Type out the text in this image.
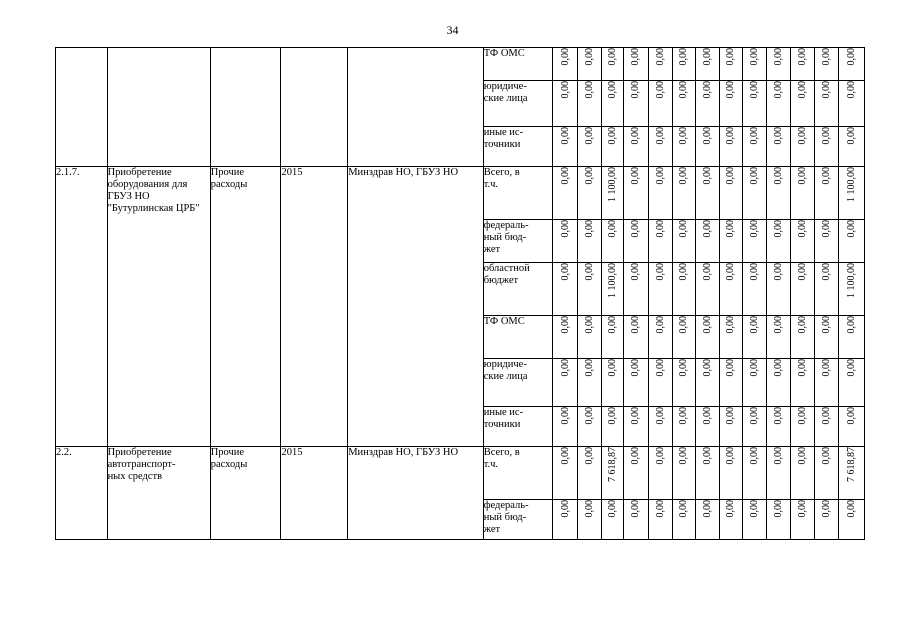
34

					ТФ ОМС	0,00	0,00	0,00	0,00	0,00	0,00	0,00	0,00	0,00	0,00	0,00	0,00	0,00

					юридиче-
ские лица	0,00	0,00	0,00	0,00	0,00	0,00	0,00	0,00	0,00	0,00	0,00	0,00	0,00

					иные ис-
точники	0,00	0,00	0,00	0,00	0,00	0,00	0,00	0,00	0,00	0,00	0,00	0,00	0,00
2.1.7.	Приобретение оборудования для ГБУЗ НО "Бутурлинская ЦРБ"	Прочие расходы	2015	Минздрав НО, ГБУЗ НО	Всего, в
т.ч.	0,00	0,00	1 100,00	0,00	0,00	0,00	0,00	0,00	0,00	0,00	0,00	0,00	1 100,00

					федераль-
ный бюд-
жет	0,00	0,00	0,00	0,00	0,00	0,00	0,00	0,00	0,00	0,00	0,00	0,00	0,00

					областной
бюджет	0,00	0,00	1 100,00	0,00	0,00	0,00	0,00	0,00	0,00	0,00	0,00	0,00	1 100,00

					ТФ ОМС	0,00	0,00	0,00	0,00	0,00	0,00	0,00	0,00	0,00	0,00	0,00	0,00	0,00

					юридиче-
ские лица	0,00	0,00	0,00	0,00	0,00	0,00	0,00	0,00	0,00	0,00	0,00	0,00	0,00

					иные ис-
точники	0,00	0,00	0,00	0,00	0,00	0,00	0,00	0,00	0,00	0,00	0,00	0,00	0,00
2.2.	Приобретение автотранспорт-
ных средств	Прочие расходы	2015	Минздрав НО, ГБУЗ НО	Всего, в
т.ч.	0,00	0,00	7 618,87	0,00	0,00	0,00	0,00	0,00	0,00	0,00	0,00	0,00	7 618,87

					федераль-
ный бюд-
жет	0,00	0,00	0,00	0,00	0,00	0,00	0,00	0,00	0,00	0,00	0,00	0,00	0,00
